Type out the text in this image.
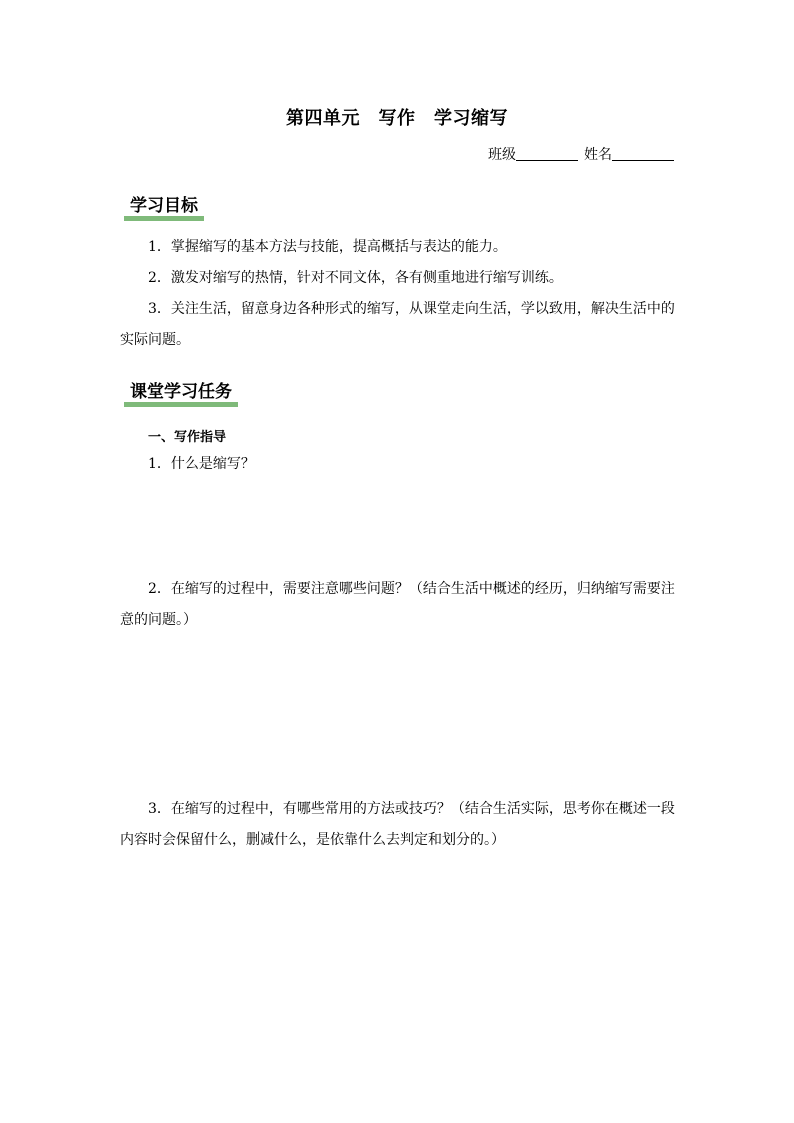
第四单元　写作　学习缩写
班级	姓名
学习目标
1．掌握缩写的基本方法与技能，提高概括与表达的能力。
2．激发对缩写的热情，针对不同文体，各有侧重地进行缩写训练。
3．关注生活，留意身边各种形式的缩写，从课堂走向生活，学以致用，解决生活中的实际问题。
课堂学习任务
一、写作指导
1．什么是缩写？
2．在缩写的过程中，需要注意哪些问题？（结合生活中概述的经历，归纳缩写需要注意的问题。）
3．在缩写的过程中，有哪些常用的方法或技巧？（结合生活实际，思考你在概述一段内容时会保留什么，删减什么，是依靠什么去判定和划分的。）
